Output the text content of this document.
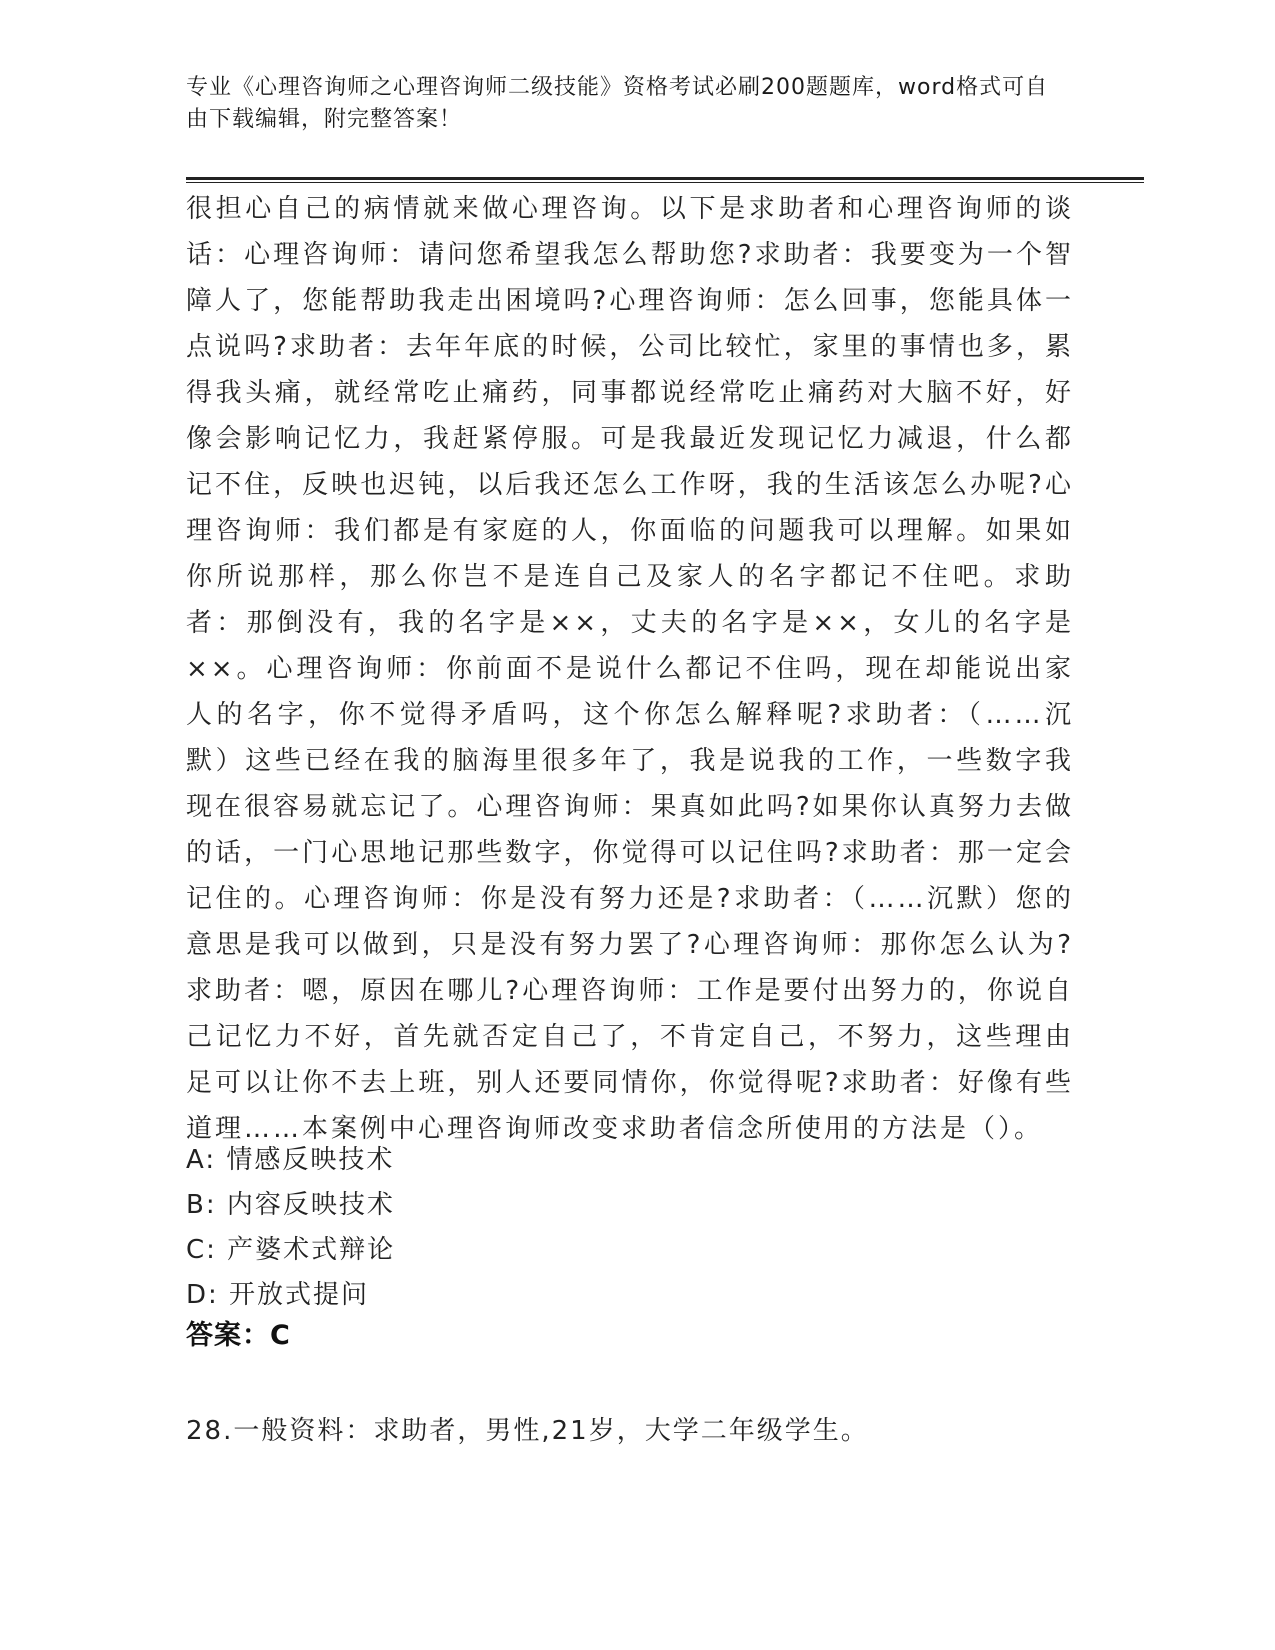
专业《心理咨询师之心理咨询师二级技能》资格考试必刷200题题库，word格式可自由下载编辑，附完整答案！
很担心自己的病情就来做心理咨询。以下是求助者和心理咨询师的谈话：心理咨询师：请问您希望我怎么帮助您?求助者：我要变为一个智障人了，您能帮助我走出困境吗?心理咨询师：怎么回事，您能具体一点说吗?求助者：去年年底的时候，公司比较忙，家里的事情也多，累得我头痛，就经常吃止痛药，同事都说经常吃止痛药对大脑不好，好像会影响记忆力，我赶紧停服。可是我最近发现记忆力减退，什么都记不住，反映也迟钝，以后我还怎么工作呀，我的生活该怎么办呢?心理咨询师：我们都是有家庭的人，你面临的问题我可以理解。如果如你所说那样，那么你岂不是连自己及家人的名字都记不住吧。求助者：那倒没有，我的名字是××，丈夫的名字是××，女儿的名字是××。心理咨询师：你前面不是说什么都记不住吗，现在却能说出家人的名字，你不觉得矛盾吗，这个你怎么解释呢?求助者：（……沉默）这些已经在我的脑海里很多年了，我是说我的工作，一些数字我现在很容易就忘记了。心理咨询师：果真如此吗?如果你认真努力去做的话，一门心思地记那些数字，你觉得可以记住吗?求助者：那一定会记住的。心理咨询师：你是没有努力还是?求助者：（……沉默）您的意思是我可以做到，只是没有努力罢了?心理咨询师：那你怎么认为?求助者：嗯，原因在哪儿?心理咨询师：工作是要付出努力的，你说自己记忆力不好，首先就否定自己了，不肯定自己，不努力，这些理由足可以让你不去上班，别人还要同情你，你觉得呢?求助者：好像有些道理……本案例中心理咨询师改变求助者信念所使用的方法是（）。
A: 情感反映技术
B: 内容反映技术
C: 产婆术式辩论
D: 开放式提问
答案：C
28.一般资料：求助者，男性,21岁，大学二年级学生。
